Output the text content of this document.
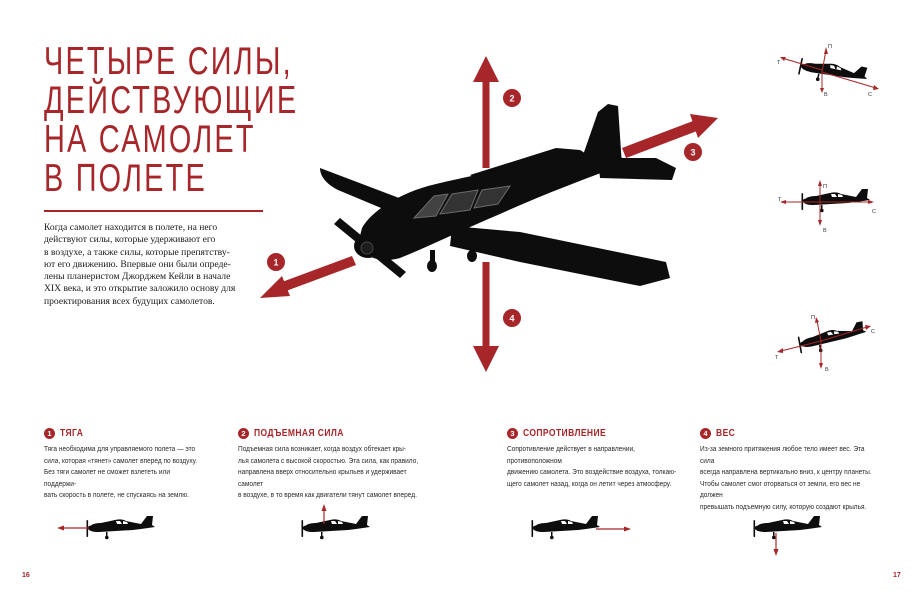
ЧЕТЫРЕ СИЛЫ,
ДЕЙСТВУЮЩИЕ
НА САМОЛЕТ
В ПОЛЕТЕ

Когда самолет находится в полете, на него
действуют силы, которые удерживают его
в воздухе, а также силы, которые препятству-
ют его движению. Впервые они были опреде-
лены планеристом Джорджем Кейли в начале
XIX века, и это открытие заложило основу для
проектирования всех будущих самолетов.

1
2
3
4
Т
П
В	С
Т
П
В
С
Т
П
В
С
1 ТЯГА

Тяга необходима для управляемого полета — это
сила, которая «тянет» самолет вперед по воздуху.
Без тяги самолет не сможет взлететь или поддержи-
вать скорость в полете, не спускаясь на землю.

2 ПОДЪЕМНАЯ СИЛА

Подъемная сила возникает, когда воздух обтекает кры-
лья самолета с высокой скоростью. Эта сила, как правило,
направлена вверх относительно крыльев и удерживает самолет
в воздухе, в то время как двигатели тянут самолет вперед.

3 СОПРОТИВЛЕНИЕ

Сопротивление действует в направлении, противоположном
движению самолета. Это воздействие воздуха, толкаю-
щего самолет назад, когда он летит через атмосферу.

4 ВЕС

Из-за земного притяжения любое тело имеет вес. Эта сила
всегда направлена вертикально вниз, к центру планеты.
Чтобы самолет смог оторваться от земли, его вес не должен
превышать подъемную силу, которую создают крылья.

16	17
